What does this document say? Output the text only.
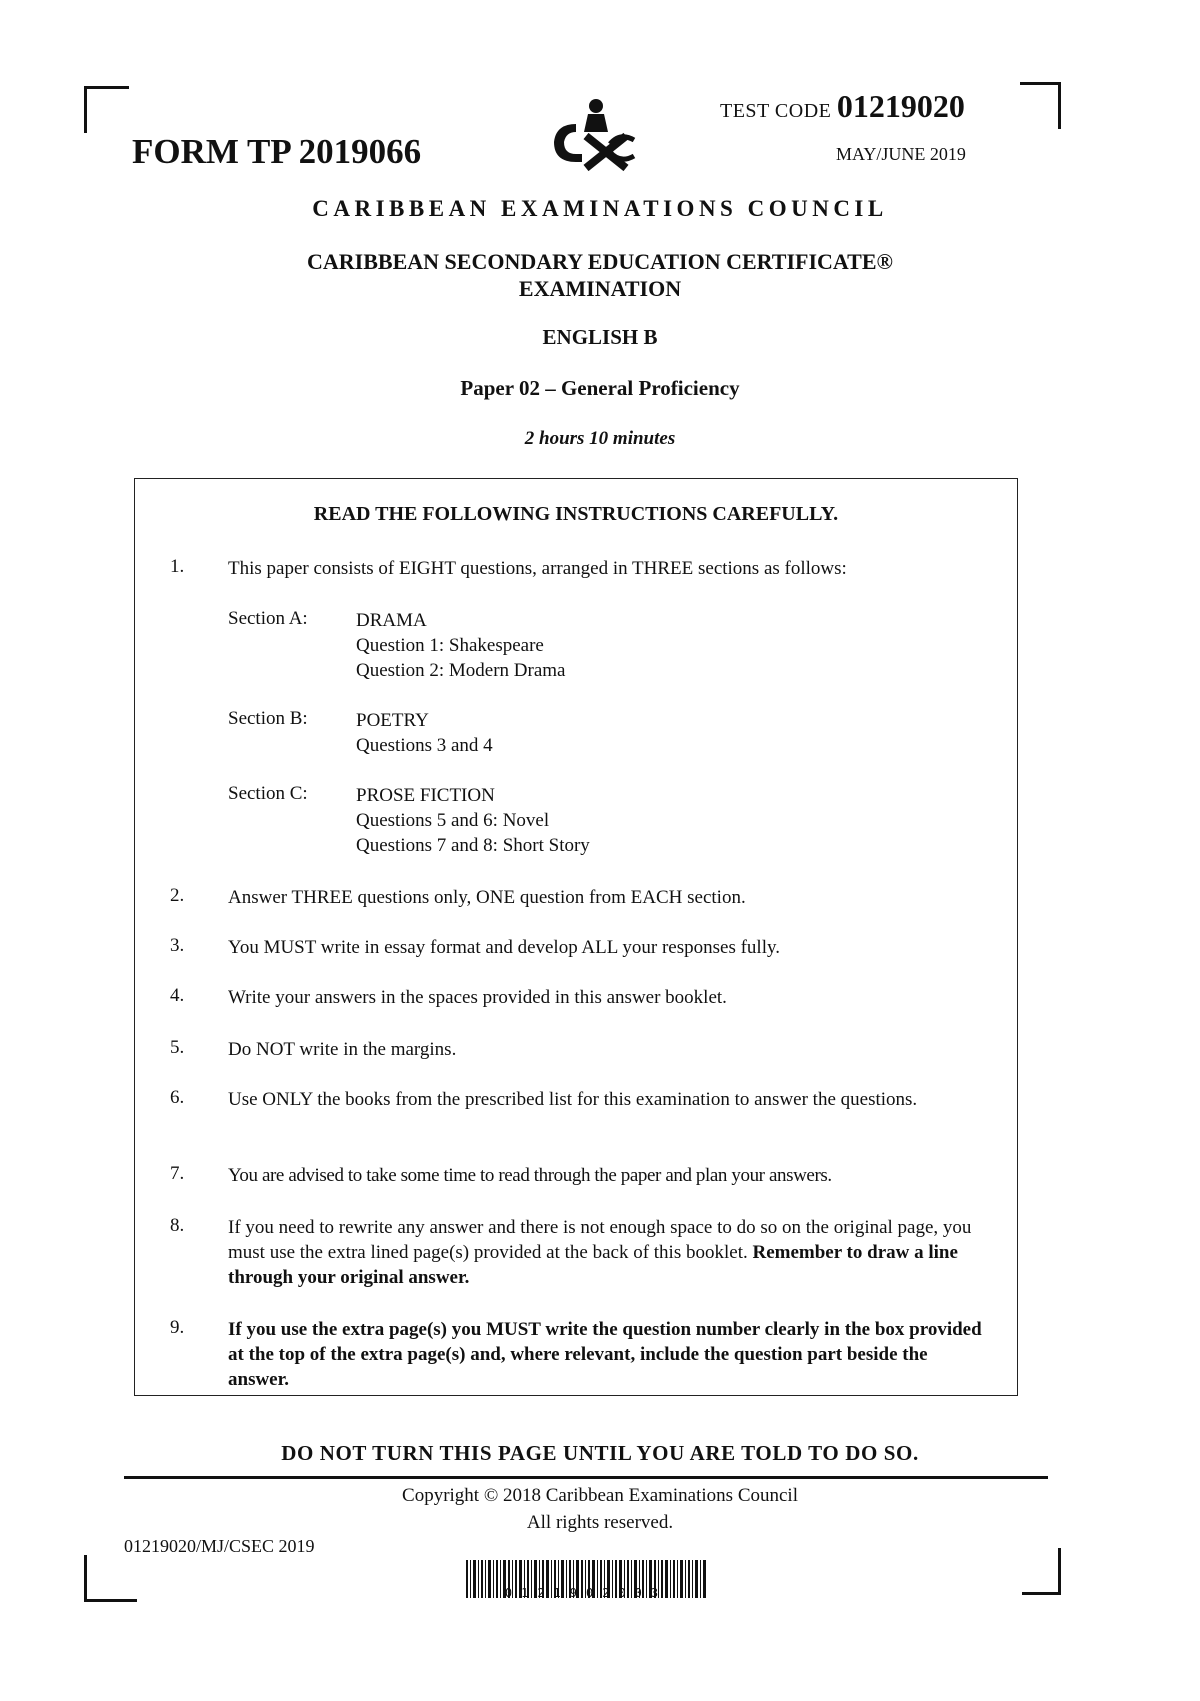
FORM TP 2019066
TEST CODE 01219020
MAY/JUNE 2019
CARIBBEAN EXAMINATIONS COUNCIL
CARIBBEAN SECONDARY EDUCATION CERTIFICATE®
EXAMINATION
ENGLISH B
Paper 02 – General Proficiency
2 hours 10 minutes
READ THE FOLLOWING INSTRUCTIONS CAREFULLY.
1. This paper consists of EIGHT questions, arranged in THREE sections as follows:
Section A:	DRAMA
Question 1: Shakespeare
Question 2: Modern Drama
Section B:	POETRY
Questions 3 and 4
Section C:	PROSE FICTION
Questions 5 and 6: Novel
Questions 7 and 8: Short Story
2. Answer THREE questions only, ONE question from EACH section.
3. You MUST write in essay format and develop ALL your responses fully.
4. Write your answers in the spaces provided in this answer booklet.
5. Do NOT write in the margins.
6. Use ONLY the books from the prescribed list for this examination to answer the questions.
7. You are advised to take some time to read through the paper and plan your answers.
8. If you need to rewrite any answer and there is not enough space to do so on the original page, you must use the extra lined page(s) provided at the back of this booklet. Remember to draw a line through your original answer.
9. If you use the extra page(s) you MUST write the question number clearly in the box provided at the top of the extra page(s) and, where relevant, include the question part beside the answer.
DO NOT TURN THIS PAGE UNTIL YOU ARE TOLD TO DO SO.
Copyright © 2018 Caribbean Examinations Council
All rights reserved.
01219020/MJ/CSEC 2019
0121902003
